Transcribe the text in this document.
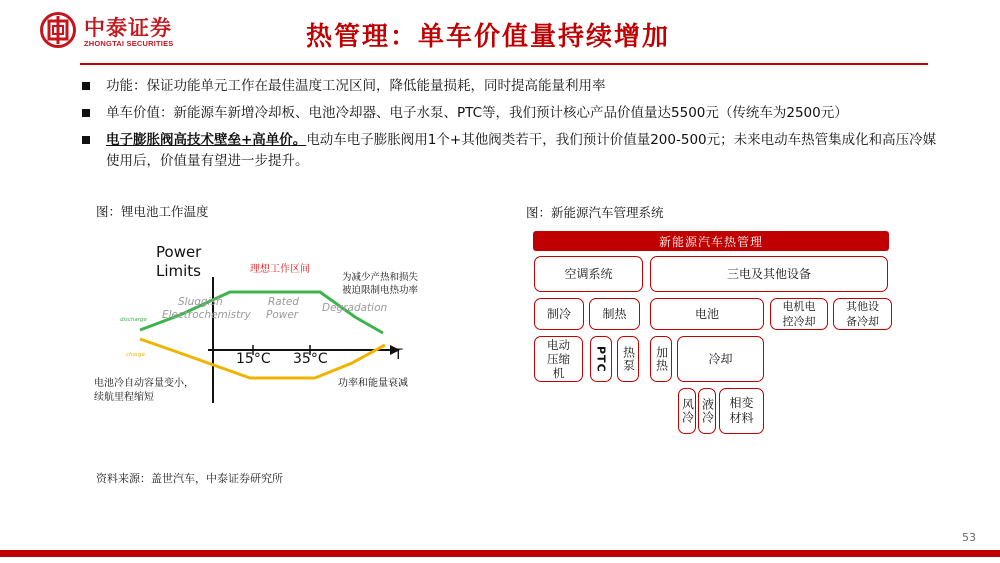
中泰证券
ZHONGTAI SECURITIES	热管理：单车价值量持续增加
功能：保证功能单元工作在最佳温度工况区间，降低能量损耗，同时提高能量利用率
单车价值：新能源车新增冷却板、电池冷却器、电子水泵、PTC等，我们预计核心产品价值量达5500元（传统车为2500元）
电子膨胀阀高技术壁垒+高单价。电动车电子膨胀阀用1个+其他阀类若干，我们预计价值量200-500元；未来电动车热管集成化和高压冷媒使用后，价值量有望进一步提升。
图：锂电池工作温度
Power
Limits
T
理想工作区间
Sluggish
Electrochemistry
Rated
Power
Degradation
discharge
charge	15°C 35°C
为减少产热和损失
被迫限制电热功率
电池冷自动容量变小，
续航里程缩短
功率和能量衰减
图：新能源汽车管理系统
新能源汽车热管理
空调系统	三电及其他设备
制冷	制热	电池	电机电
控冷却
其他设
备冷却
电动
压缩
机
PTC 热泵 加热	冷却
风冷 液冷 相变
材料
资料来源：盖世汽车，中泰证券研究所
53
